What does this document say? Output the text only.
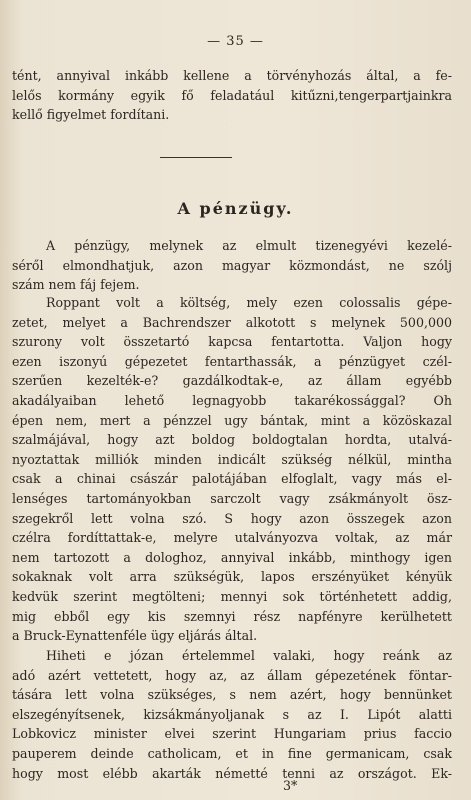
— 35 —
tént, annyival inkább kellene a törvényhozás által, a fe-
lelős kormány egyik fő feladatául kitűzni,tengerpartjainkra
kellő figyelmet fordítani.
A pénzügy.
A pénzügy, melynek az elmult tizenegyévi kezelé-
séről elmondhatjuk, azon magyar közmondást, ne szólj
szám nem fáj fejem.
Roppant volt a költség, mely ezen colossalis gépe-
zetet, melyet a Bachrendszer alkotott s melynek 500,000
szurony volt összetartó kapcsa fentartotta. Valjon hogy
ezen iszonyú gépezetet fentarthassák, a pénzügyet czél-
szerűen kezelték-e? gazdálkodtak-e, az állam egyébb
akadályaiban lehető legnagyobb takarékossággal? Oh
épen nem, mert a pénzzel ugy bántak, mint a közöskazal
szalmájával, hogy azt boldog boldogtalan hordta, utalvá-
nyoztattak milliók minden indicált szükség nélkül, mintha
csak a chinai császár palotájában elfoglalt, vagy más el-
lenséges tartományokban sarczolt vagy zsákmányolt ösz-
szegekről lett volna szó. S hogy azon összegek azon
czélra fordíttattak-e, melyre utalványozva voltak, az már
nem tartozott a dologhoz, annyival inkább, minthogy igen
sokaknak volt arra szükségük, lapos erszényüket kényük
kedvük szerint megtölteni; mennyi sok történhetett addig,
mig ebből egy kis szemnyi rész napfényre kerülhetett
a Bruck-Eynattenféle ügy eljárás által.
Hiheti e józan értelemmel valaki, hogy reánk az
adó azért vettetett, hogy az, az állam gépezetének föntar-
tására lett volna szükséges, s nem azért, hogy bennünket
elszegényítsenek, kizsákmányoljanak s az I. Lipót alatti
Lobkovicz minister elvei szerint Hungariam prius faccio
pauperem deinde catholicam, et in fine germanicam, csak
hogy most elébb akarták németté tenni az országot. Ek-
3*
